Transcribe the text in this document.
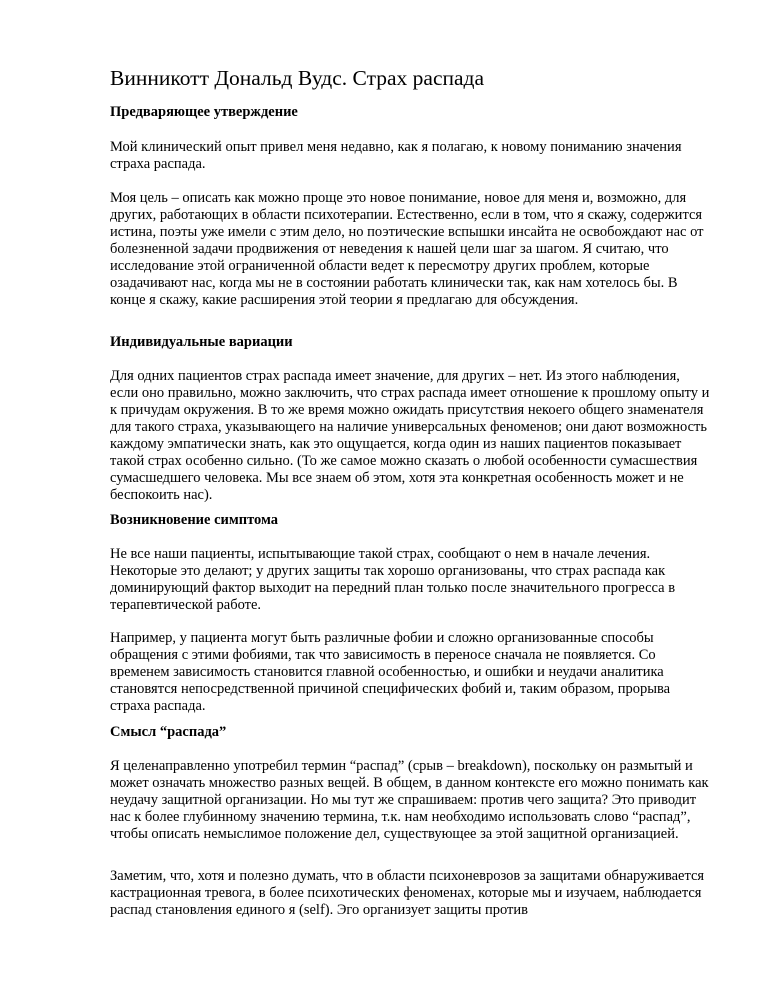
Винникотт Дональд Вудс. Страх распада
Предваряющее утверждение

Мой клинический опыт привел меня недавно, как я полагаю, к новому пониманию значения страха распада.

Моя цель – описать как можно проще это новое понимание, новое для меня и, возможно, для других, работающих в области психотерапии. Естественно, если в том, что я скажу, содержится истина, поэты уже имели с этим дело, но поэтические вспышки инсайта не освобождают нас от болезненной задачи продвижения от неведения к нашей цели шаг за шагом. Я считаю, что исследование этой ограниченной области ведет к пересмотру других проблем, которые озадачивают нас, когда мы не в состоянии работать клинически так, как нам хотелось бы. В конце я скажу, какие расширения этой теории я предлагаю для обсуждения.

Индивидуальные вариации

Для одних пациентов страх распада имеет значение, для других – нет. Из этого наблюдения, если оно правильно, можно заключить, что страх распада имеет отношение к прошлому опыту и к причудам окружения. В то же время можно ожидать присутствия некоего общего знаменателя для такого страха, указывающего на наличие универсальных феноменов; они дают возможность каждому эмпатически знать, как это ощущается, когда один из наших пациентов показывает такой страх особенно сильно. (То же самое можно сказать о любой особенности сумасшествия сумасшедшего человека. Мы все знаем об этом, хотя эта конкретная особенность может и не беспокоить нас).

Возникновение симптома

Не все наши пациенты, испытывающие такой страх, сообщают о нем в начале лечения. Некоторые это делают; у других защиты так хорошо организованы, что страх распада как доминирующий фактор выходит на передний план только после значительного прогресса в терапевтической работе.

Например, у пациента могут быть различные фобии и сложно организованные способы обращения с этими фобиями, так что зависимость в переносе сначала не появляется. Со временем зависимость становится главной особенностью, и ошибки и неудачи аналитика становятся непосредственной причиной специфических фобий и, таким образом, прорыва страха распада.

Смысл “распада”

Я целенаправленно употребил термин “распад” (срыв – breakdown), поскольку он размытый и может означать множество разных вещей. В общем, в данном контексте его можно понимать как неудачу защитной организации. Но мы тут же спрашиваем: против чего защита? Это приводит нас к более глубинному значению термина, т.к. нам необходимо использовать слово “распад”, чтобы описать немыслимое положение дел, существующее за этой защитной организацией.

Заметим, что, хотя и полезно думать, что в области психоневрозов за защитами обнаруживается кастрационная тревога, в более психотических феноменах, которые мы и изучаем, наблюдается распад становления единого я (self). Эго организует защиты против
